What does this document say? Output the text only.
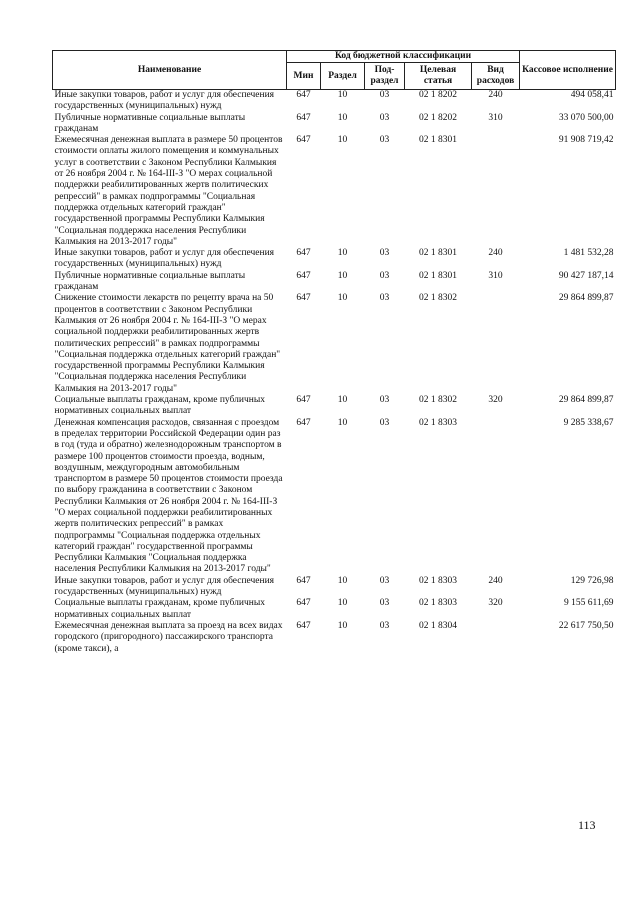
Наименование	Код бюджетной классификации					Кассовое исполнение
	Мин	Раздел	Под-раздел	Целевая статья	Вид расходов	
Иные закупки товаров, работ и услуг для обеспечения государственных (муниципальных) нужд	647	10	03	02 1 8202	240	494 058,41
Публичные нормативные социальные выплаты гражданам	647	10	03	02 1 8202	310	33 070 500,00
Ежемесячная денежная выплата в размере 50 процентов стоимости оплаты жилого помещения и коммунальных услуг в соответствии с Законом Республики Калмыкия от 26 ноября 2004 г. № 164-III-З "О мерах социальной поддержки реабилитированных жертв политических репрессий" в рамках подпрограммы "Социальная поддержка отдельных категорий граждан" государственной программы Республики Калмыкия "Социальная поддержка населения Республики Калмыкия на 2013-2017 годы"	647	10	03	02 1 8301		91 908 719,42
Иные закупки товаров, работ и услуг для обеспечения государственных (муниципальных) нужд	647	10	03	02 1 8301	240	1 481 532,28
Публичные нормативные социальные выплаты гражданам	647	10	03	02 1 8301	310	90 427 187,14
Снижение стоимости лекарств по рецепту врача на 50 процентов в соответствии с Законом Республики Калмыкия от 26 ноября 2004 г. № 164-III-З "О мерах социальной поддержки реабилитированных жертв политических репрессий" в рамках подпрограммы "Социальная поддержка отдельных категорий граждан" государственной программы Республики Калмыкия "Социальная поддержка населения Республики Калмыкия на 2013-2017 годы"	647	10	03	02 1 8302		29 864 899,87
Социальные выплаты гражданам, кроме публичных нормативных социальных выплат	647	10	03	02 1 8302	320	29 864 899,87
Денежная компенсация расходов, связанная с проездом в пределах территории Российской Федерации один раз в год (туда и обратно) железнодорожным транспортом в размере 100 процентов стоимости проезда, водным, воздушным, междугородным автомобильным транспортом в размере 50 процентов стоимости проезда по выбору гражданина в соответствии с Законом Республики Калмыкия от 26 ноября 2004 г. № 164-III-З "О мерах социальной поддержки реабилитированных жертв политических репрессий" в рамках подпрограммы "Социальная поддержка отдельных категорий граждан" государственной программы Республики Калмыкия "Социальная поддержка населения Республики Калмыкия на 2013-2017 годы"	647	10	03	02 1 8303		9 285 338,67
Иные закупки товаров, работ и услуг для обеспечения государственных (муниципальных) нужд	647	10	03	02 1 8303	240	129 726,98
Социальные выплаты гражданам, кроме публичных нормативных социальных выплат	647	10	03	02 1 8303	320	9 155 611,69
Ежемесячная денежная выплата за проезд на всех видах городского (пригородного) пассажирского транспорта (кроме такси), а	647	10	03	02 1 8304		22 617 750,50
113
